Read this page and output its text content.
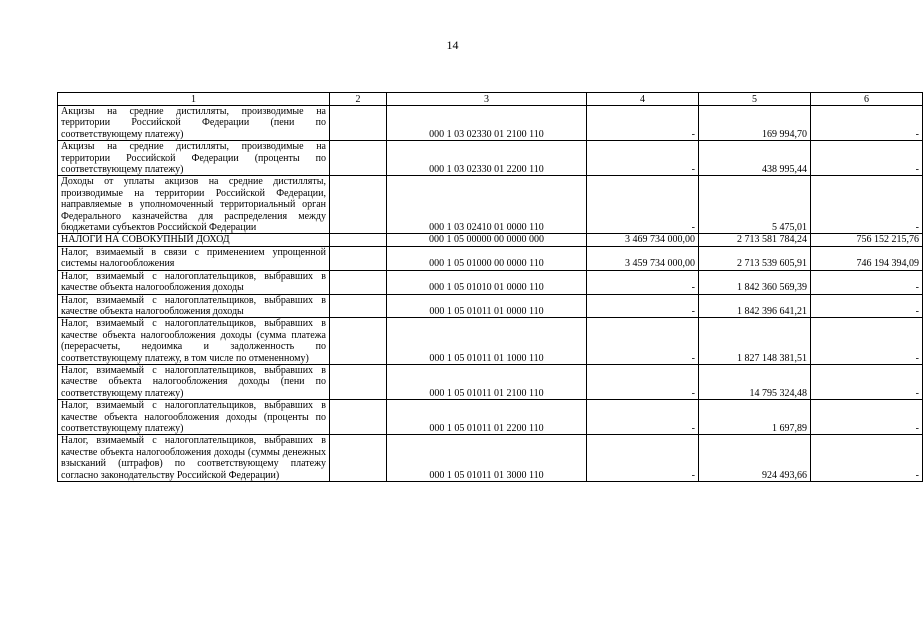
14
1	2	3	4	5	6
Акцизы на средние дистилляты, производимые на территории Российской Федерации (пени по соответствующему платежу)		000 1 03 02330 01 2100 110	-	169 994,70	-
Акцизы на средние дистилляты, производимые на территории Российской Федерации (проценты по соответствующему платежу)		000 1 03 02330 01 2200 110	-	438 995,44	-
Доходы от уплаты акцизов на средние дистилляты, производимые на территории Российской Федерации, направляемые в уполномоченный территориальный орган Федерального казначейства для распределения между бюджетами субъектов Российской Федерации		000 1 03 02410 01 0000 110	-	5 475,01	-
НАЛОГИ НА СОВОКУПНЫЙ ДОХОД		000 1 05 00000 00 0000 000	3 469 734 000,00	2 713 581 784,24	756 152 215,76
Налог, взимаемый в связи с применением упрощенной системы налогообложения		000 1 05 01000 00 0000 110	3 459 734 000,00	2 713 539 605,91	746 194 394,09
Налог, взимаемый с налогоплательщиков, выбравших в качестве объекта налогообложения доходы		000 1 05 01010 01 0000 110	-	1 842 360 569,39	-
Налог, взимаемый с налогоплательщиков, выбравших в качестве объекта налогообложения доходы		000 1 05 01011 01 0000 110	-	1 842 396 641,21	-
Налог, взимаемый с налогоплательщиков, выбравших в качестве объекта налогообложения доходы (сумма платежа (перерасчеты, недоимка и задолженность по соответствующему платежу, в том числе по отмененному)		000 1 05 01011 01 1000 110	-	1 827 148 381,51	-
Налог, взимаемый с налогоплательщиков, выбравших в качестве объекта налогообложения доходы (пени по соответствующему платежу)		000 1 05 01011 01 2100 110	-	14 795 324,48	-
Налог, взимаемый с налогоплательщиков, выбравших в качестве объекта налогообложения доходы (проценты по соответствующему платежу)		000 1 05 01011 01 2200 110	-	1 697,89	-
Налог, взимаемый с налогоплательщиков, выбравших в качестве объекта налогообложения доходы (суммы денежных взысканий (штрафов) по соответствующему платежу согласно законодательству Российской Федерации)		000 1 05 01011 01 3000 110	-	924 493,66	-
